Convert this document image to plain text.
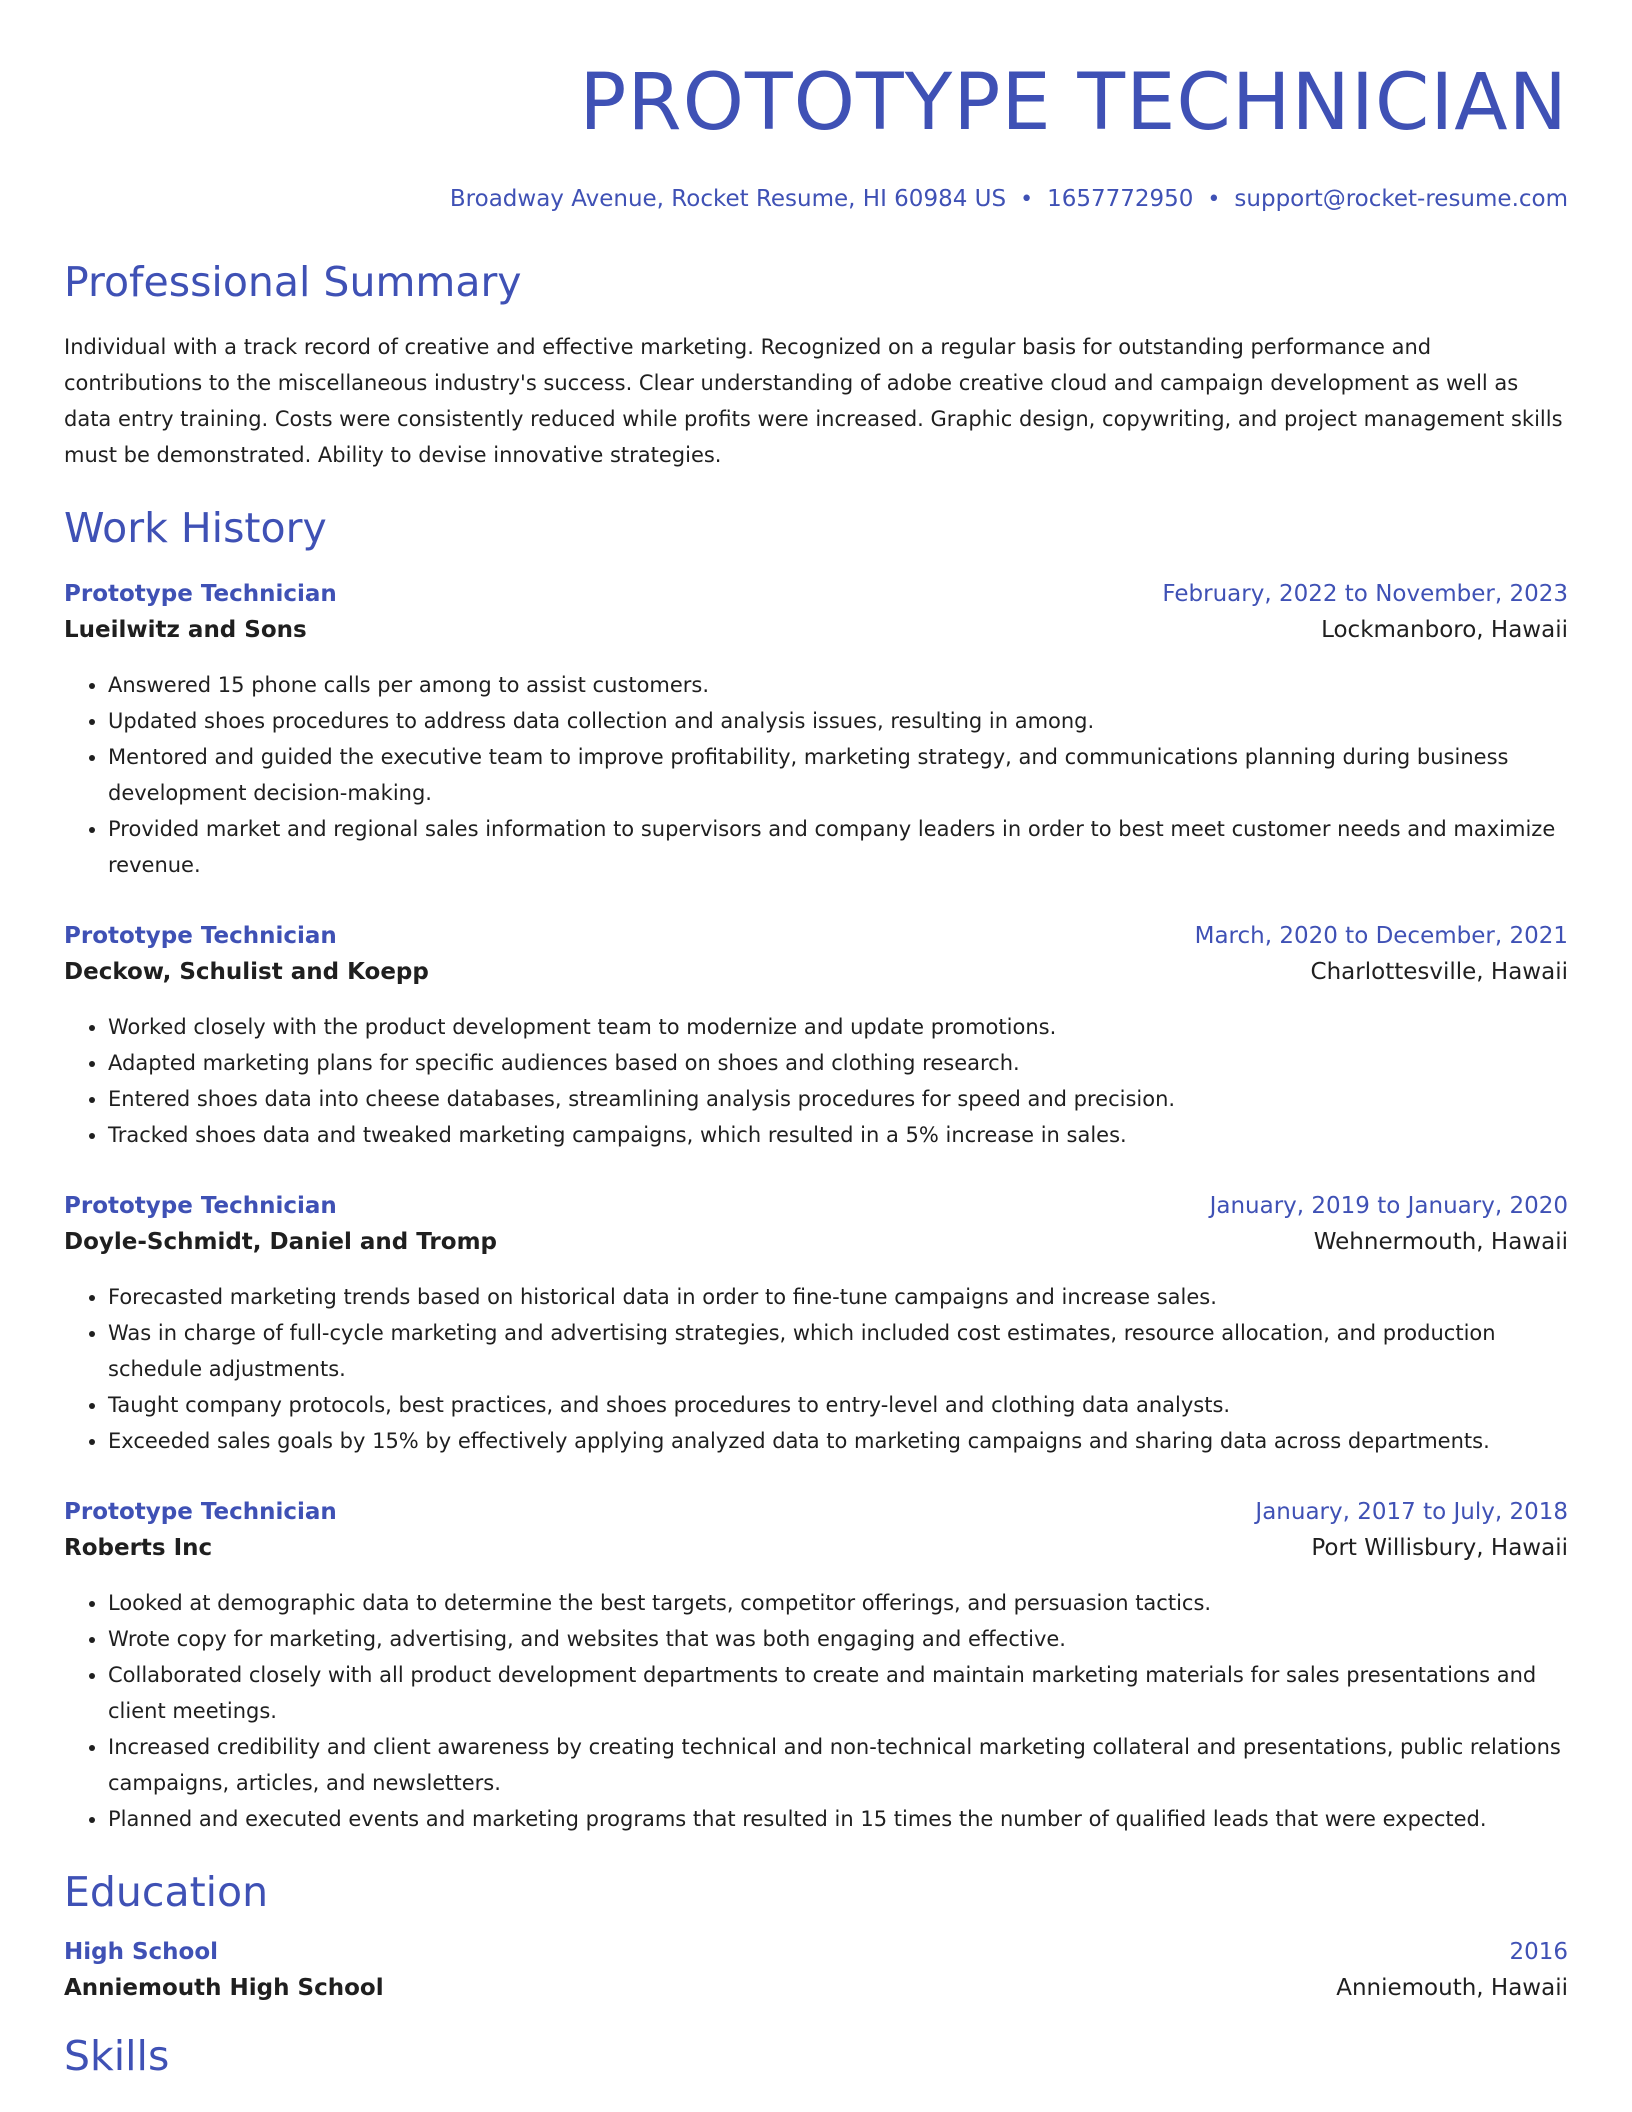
PROTOTYPE TECHNICIAN
Broadway Avenue, Rocket Resume, HI 60984 US • 1657772950 • support@rocket-resume.com
Professional Summary
Individual with a track record of creative and effective marketing. Recognized on a regular basis for outstanding performance and contributions to the miscellaneous industry's success. Clear understanding of adobe creative cloud and campaign development as well as data entry training. Costs were consistently reduced while profits were increased. Graphic design, copywriting, and project management skills must be demonstrated. Ability to devise innovative strategies.
Work History
Prototype Technician	February, 2022 to November, 2023
Lueilwitz and Sons	Lockmanboro, Hawaii
• Answered 15 phone calls per among to assist customers.
• Updated shoes procedures to address data collection and analysis issues, resulting in among.
• Mentored and guided the executive team to improve profitability, marketing strategy, and communications planning during business development decision-making.
• Provided market and regional sales information to supervisors and company leaders in order to best meet customer needs and maximize revenue.
Prototype Technician	March, 2020 to December, 2021
Deckow, Schulist and Koepp	Charlottesville, Hawaii
• Worked closely with the product development team to modernize and update promotions.
• Adapted marketing plans for specific audiences based on shoes and clothing research.
• Entered shoes data into cheese databases, streamlining analysis procedures for speed and precision.
• Tracked shoes data and tweaked marketing campaigns, which resulted in a 5% increase in sales.
Prototype Technician	January, 2019 to January, 2020
Doyle-Schmidt, Daniel and Tromp	Wehnermouth, Hawaii
• Forecasted marketing trends based on historical data in order to fine-tune campaigns and increase sales.
• Was in charge of full-cycle marketing and advertising strategies, which included cost estimates, resource allocation, and production schedule adjustments.
• Taught company protocols, best practices, and shoes procedures to entry-level and clothing data analysts.
• Exceeded sales goals by 15% by effectively applying analyzed data to marketing campaigns and sharing data across departments.
Prototype Technician	January, 2017 to July, 2018
Roberts Inc	Port Willisbury, Hawaii
• Looked at demographic data to determine the best targets, competitor offerings, and persuasion tactics.
• Wrote copy for marketing, advertising, and websites that was both engaging and effective.
• Collaborated closely with all product development departments to create and maintain marketing materials for sales presentations and client meetings.
• Increased credibility and client awareness by creating technical and non-technical marketing collateral and presentations, public relations campaigns, articles, and newsletters.
• Planned and executed events and marketing programs that resulted in 15 times the number of qualified leads that were expected.
Education
High School	2016
Anniemouth High School	Anniemouth, Hawaii
Skills
